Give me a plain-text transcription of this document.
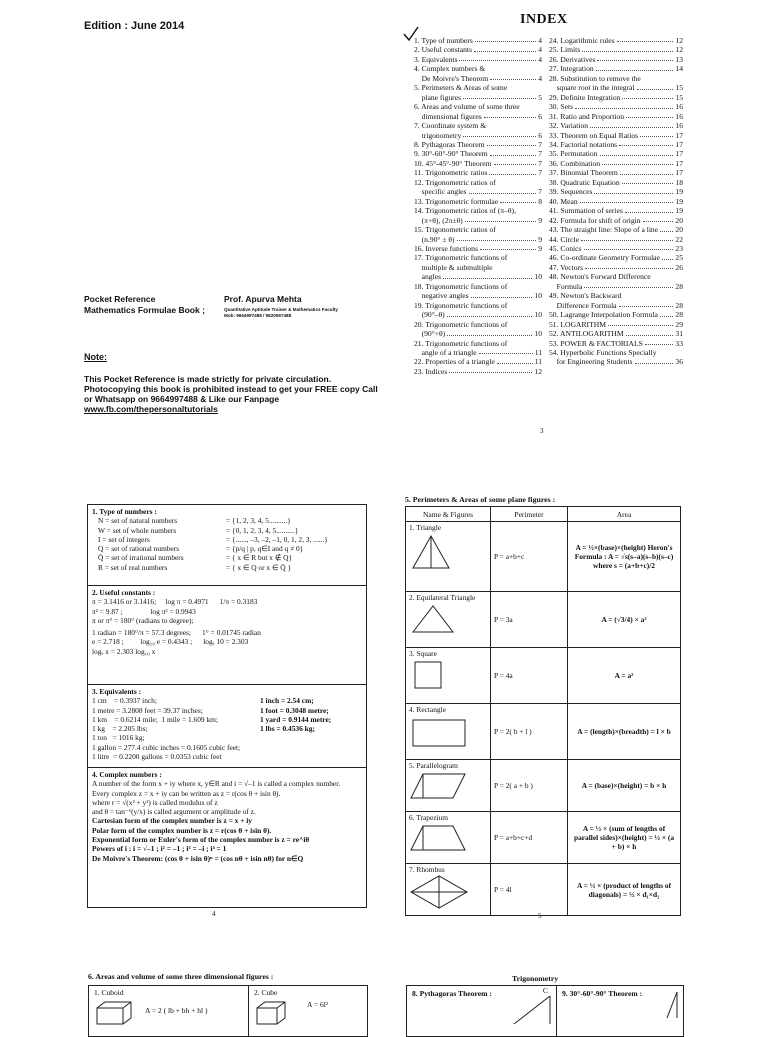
Edition : June 2014	INDEX
1. Type of numbers	4
2. Useful constants	4
3. Equivalents	4
4. Complex numbers &
De Moivre's Theorem	4
5. Perimeters & Areas of some
plane figures	5
6. Areas and volume of some three
dimensional figures	6
7. Coordinate system &
trigonometry	6
8. Pythagoras Theorem	7
9. 30°-60°-90° Theorem	7
10. 45°-45°-90° Theorem	7
11. Trigonometric ratios	7
12. Trigonometric ratios of
specific angles	7
13. Trigonometric formulae	8
14. Trigonometric ratios of (π–θ),
(π+θ), (2π±θ)	9
15. Trigonometric ratios of
(n.90° ± θ)	9
16. Inverse functions	9
17. Trigonometric functions of
multiple & submultiple
angles	10
18. Trigonometric functions of
negative angles	10
19. Trigonometric functions of
(90°–θ)	10
20. Trigonometric functions of
(90°+θ)	10
21. Trigonometric functions of
angle of a triangle	11
22. Properties of a triangle	11
23. Indices	12
24. Logarithmic rules	12
25. Limits	12
26. Derivatives	13
27. Integration	14
28. Substitution to remove the
square root in the integral	15
29. Definite Integration	15
30. Sets	16
31. Ratio and Proportion	16
32. Variation	16
33. Theorem on Equal Ratios	17
34. Factorial notations	17
35. Permutation	17
36. Combination	17
37. Binomial Theorem	17
38. Quadratic Equation	18
39. Sequences	19
40. Mean	19
41. Summation of series	19
42. Formula for shift of origin	20
43. The straight line: Slope of a line 20
44. Circle	22
45. Conics	23
46. Co-ordinate Geometry Formulae 25
47. Vectors	26
48. Newton's Forward Difference
Formula	28
49. Newton's Backward
Difference Formula	28
50. Lagrange Interpolation Formula 28
51. LOGARITHM	29
52. ANTILOGARITHM	31
53. POWER & FACTORIALS	33
54. Hyperbolic Functions Specially
for Engineering Students	36
Pocket Reference
Mathematics Formulae Book ;
Prof. Apurva Mehta
Quantitative Aptitude Trainer & Mathematics Faculty
Mob: 9664997488 / 9820597488
Note:
This Pocket Reference is made strictly for private circulation. Photocopying this book is prohibited instead to get your FREE copy Call or Whatsapp on 9664997488 & Like our Fanpage
www.fb.com/thepersonaltutorials
3
1. Type of numbers :
N = set of natural numbers	= {1, 2, 3, 4, 5..........}
W = set of whole numbers	= {0, 1, 2, 3, 4, 5..........}
I = set of integers	= {......, –3, –2, –1, 0, 1, 2, 3, ......}
Q = set of rational numbers	= {p/q | p, q∈I and q ≠ 0}
Q̄ = set of irrational numbers	= { x ∈ R but x ∉ Q}
R = set of real numbers	= { x ∈ Q or x ∈ Q̄ }
2. Useful constants :
π = 3.1416 or 3.1416;     log π = 0.4971      1/π = 0.3183
π² = 9.87 ;               log π² = 0.9943
π or π° = 180° (radians to degree);
1 radian = 180°/π = 57.3 degrees;      1° = 0.01745 radian
e = 2.718 ;         log₁₀ e = 0.4343 ;      logₑ 10 = 2.303
logₑ x = 2.303 log₁₀ x
3. Equivalents :
1 cm    = 0.3937 inch;	1 inch = 2.54 cm;
1 metre = 3.2808 feet = 39.37 inches;	1 foot = 0.3048 metre;
1 km    = 0.6214 mile;  1 mile = 1.609 km;	1 yard = 0.9144 metre;
1 kg    = 2.205 lbs;	1 lbs = 0.4536 kg;
1 ton   = 1016 kg;
1 gallon = 277.4 cubic inches = 0.1605 cubic feet;
1 litre  = 0.2200 gallons = 0.0353 cubic feet
4. Complex numbers :
A number of the form x + iy where x, y∈R and i = √–1 is called a complex number.
Every complex z = x + iy can be written as z = r(cos θ + isin θ).
where r = √(x² + y²) is called modulus of z
and θ = tan⁻¹(y/x) is called argument or amplitude of z.
Cartesian form of the complex number is z = x + iy
Polar form of the complex number is z = r(cos θ + isin θ).
Exponential form or Euler's form of the complex number is z = re^iθ
Powers of i : i = √–1 ; i² = –1 ; i³ = –i ; i⁴ = 1
De Moivre's Theorem: (cos θ + isin θ)ⁿ = (cos nθ + isin nθ) for n∈Q
4
5. Perimeters & Areas of some plane figures :
Name & Figures	Perimeter	Area

1. Triangle	P = a+b+c	A = ½×(base)×(height) Heron's Formula : A = √s(s–a)(s–b)(s–c) where s = (a+b+c)/2

2. Equilateral Triangle	P = 3a	A = (√3/4) × a²

3. Square	P = 4a	A = a²

4. Rectangle	P = 2( b + l )	A = (length)×(breadth) = l × b

5. Parallelogram	P = 2( a + b )	A = (base)×(height) = b × h

6. Trapezium	P = a+b+c+d	A = ½ × (sum of lengths of parallel sides)×(height) = ½ × (a + b) × h

7. Rhombus	P = 4l	A = ½ × (product of lengths of diagonals) = ½ × d₁×d₂
5
6. Areas and volume of some three dimensional figures :
1. Cuboid
A = 2 ( lb + bh + hl )
2. Cube
A = 6l²
Trigonometry
8. Pythagoras Theorem :	C 9. 30°-60°-90° Theorem :
